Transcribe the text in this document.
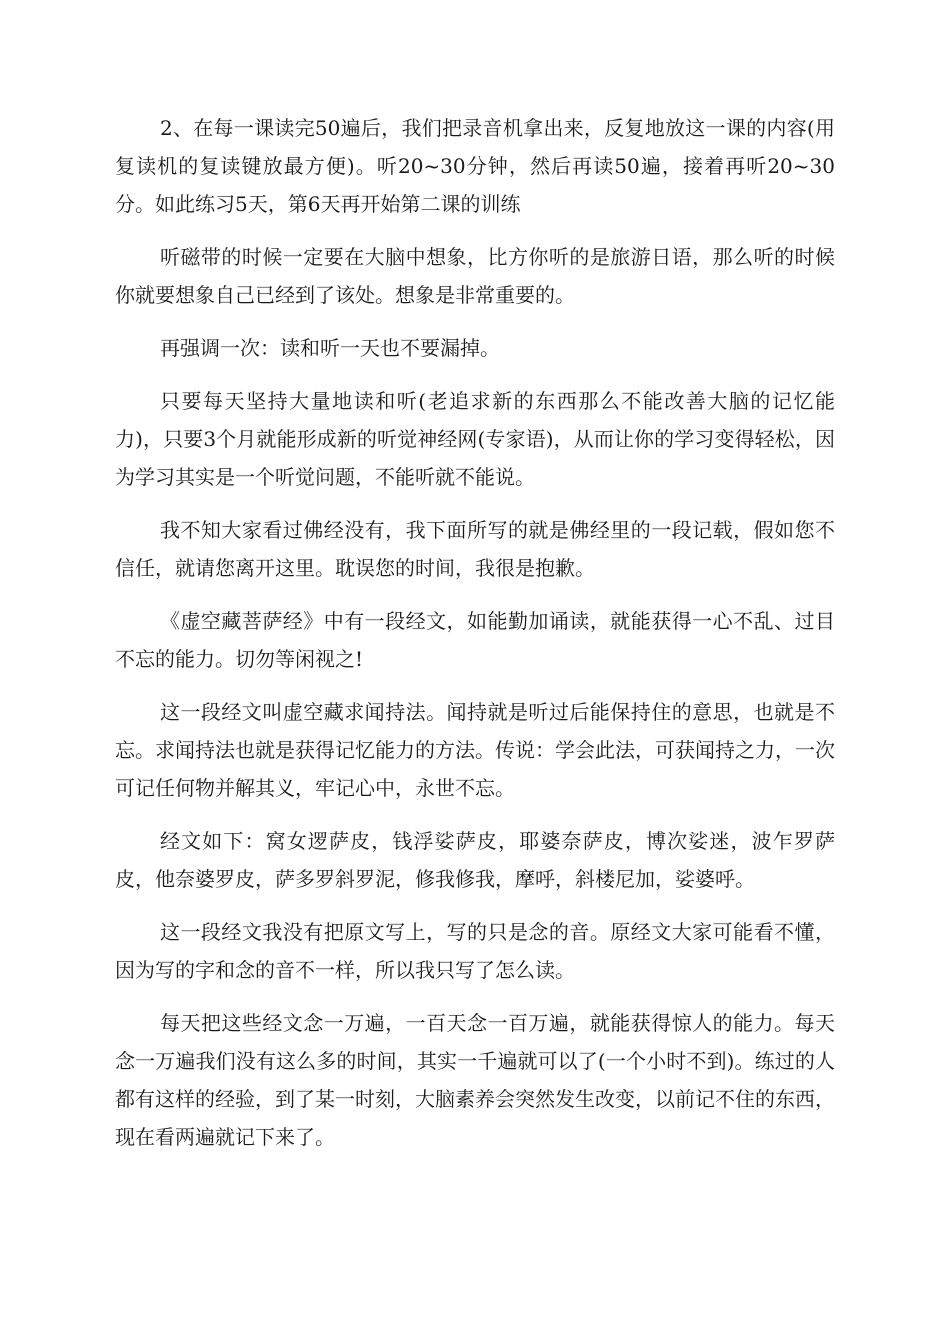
2、在每一课读完50遍后，我们把录音机拿出来，反复地放这一课的内容(用复读机的复读键放最方便)。听20~30分钟，然后再读50遍，接着再听20~30分。如此练习5天，第6天再开始第二课的训练

听磁带的时候一定要在大脑中想象，比方你听的是旅游日语，那么听的时候你就要想象自己已经到了该处。想象是非常重要的。

再强调一次：读和听一天也不要漏掉。

只要每天坚持大量地读和听(老追求新的东西那么不能改善大脑的记忆能力)，只要3个月就能形成新的听觉神经网(专家语)，从而让你的学习变得轻松，因为学习其实是一个听觉问题，不能听就不能说。

我不知大家看过佛经没有，我下面所写的就是佛经里的一段记载，假如您不信任，就请您离开这里。耽误您的时间，我很是抱歉。

《虚空藏菩萨经》中有一段经文，如能勤加诵读，就能获得一心不乱、过目不忘的能力。切勿等闲视之!

这一段经文叫虚空藏求闻持法。闻持就是听过后能保持住的意思，也就是不忘。求闻持法也就是获得记忆能力的方法。传说：学会此法，可获闻持之力，一次可记任何物并解其义，牢记心中，永世不忘。

经文如下：窝女逻萨皮，钱浮娑萨皮，耶婆奈萨皮，博次娑迷，波乍罗萨皮，他奈婆罗皮，萨多罗斜罗泥，修我修我，摩呼，斜楼尼加，娑婆呼。

这一段经文我没有把原文写上，写的只是念的音。原经文大家可能看不懂，因为写的字和念的音不一样，所以我只写了怎么读。

每天把这些经文念一万遍，一百天念一百万遍，就能获得惊人的能力。每天念一万遍我们没有这么多的时间，其实一千遍就可以了(一个小时不到)。练过的人都有这样的经验，到了某一时刻，大脑素养会突然发生改变，以前记不住的东西，现在看两遍就记下来了。
